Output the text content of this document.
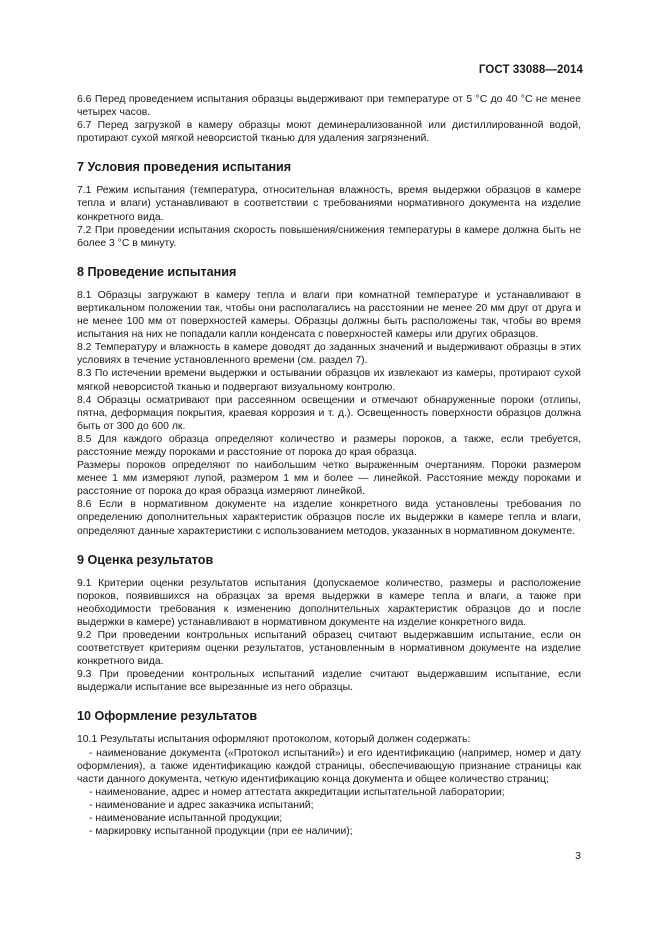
ГОСТ 33088—2014

6.6 Перед проведением испытания образцы выдерживают при температуре от 5 °С до 40 °С не менее четырех часов.

6.7 Перед загрузкой в камеру образцы моют деминерализованной или дистиллированной водой, протирают сухой мягкой неворсистой тканью для удаления загрязнений.

7 Условия проведения испытания

7.1 Режим испытания (температура, относительная влажность, время выдержки образцов в камере тепла и влаги) устанавливают в соответствии с требованиями нормативного документа на изделие конкретного вида.

7.2 При проведении испытания скорость повышения/снижения температуры в камере должна быть не более 3 °С в минуту.

8 Проведение испытания

8.1 Образцы загружают в камеру тепла и влаги при комнатной температуре и устанавливают в вертикальном положении так, чтобы они располагались на расстоянии не менее 20 мм друг от друга и не менее 100 мм от поверхностей камеры. Образцы должны быть расположены так, чтобы во время испытания на них не попадали капли конденсата с поверхностей камеры или других образцов.

8.2 Температуру и влажность в камере доводят до заданных значений и выдерживают образцы в этих условиях в течение установленного времени (см. раздел 7).

8.3 По истечении времени выдержки и остывании образцов их извлекают из камеры, протирают сухой мягкой неворсистой тканью и подвергают визуальному контролю.

8.4 Образцы осматривают при рассеянном освещении и отмечают обнаруженные пороки (отлипы, пятна, деформация покрытия, краевая коррозия и т. д.). Освещенность поверхности образцов должна быть от 300 до 600 лк.

8.5 Для каждого образца определяют количество и размеры пороков, а также, если требуется, расстояние между пороками и расстояние от порока до края образца.

Размеры пороков определяют по наибольшим четко выраженным очертаниям. Пороки размером менее 1 мм измеряют лупой, размером 1 мм и более — линейкой. Расстояние между пороками и расстояние от порока до края образца измеряют линейкой.

8.6 Если в нормативном документе на изделие конкретного вида установлены требования по определению дополнительных характеристик образцов после их выдержки в камере тепла и влаги, определяют данные характеристики с использованием методов, указанных в нормативном документе.

9 Оценка результатов

9.1 Критерии оценки результатов испытания (допускаемое количество, размеры и расположение пороков, появившихся на образцах за время выдержки в камере тепла и влаги, а также при необходимости требования к изменению дополнительных характеристик образцов до и после выдержки в камере) устанавливают в нормативном документе на изделие конкретного вида.

9.2 При проведении контрольных испытаний образец считают выдержавшим испытание, если он соответствует критериям оценки результатов, установленным в нормативном документе на изделие конкретного вида.

9.3 При проведении контрольных испытаний изделие считают выдержавшим испытание, если выдержали испытание все вырезанные из него образцы.

10 Оформление результатов

10.1 Результаты испытания оформляют протоколом, который должен содержать:

- наименование документа («Протокол испытаний») и его идентификацию (например, номер и дату оформления), а также идентификацию каждой страницы, обеспечивающую признание страницы как части данного документа, четкую идентификацию конца документа и общее количество страниц;

- наименование, адрес и номер аттестата аккредитации испытательной лаборатории;

- наименование и адрес заказчика испытаний;

- наименование испытанной продукции;

- маркировку испытанной продукции (при ее наличии);

3
